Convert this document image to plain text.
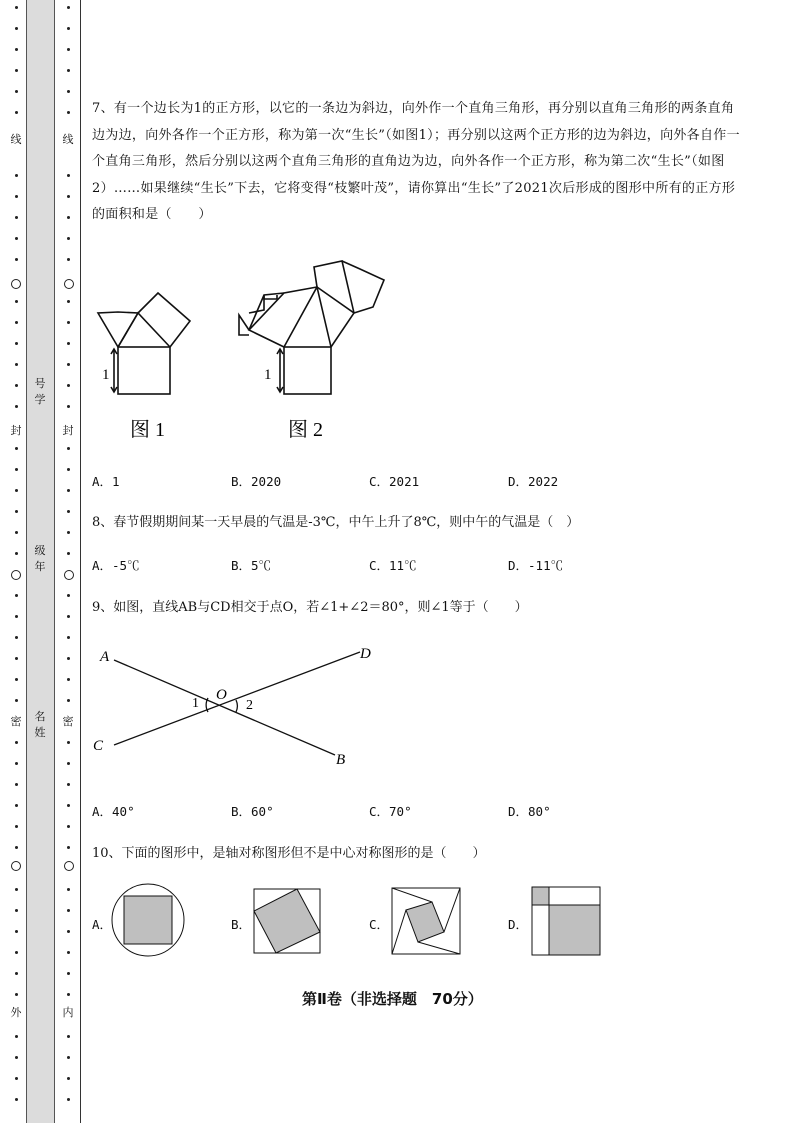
线
封
密
外
线
封
密
内
号
学
级
年
名
姓
7、有一个边长为1的正方形，以它的一条边为斜边，向外作一个直角三角形，再分别以直角三角形的两条直角边为边，向外各作一个正方形，称为第一次“生长”（如图1）；再分别以这两个正方形的边为斜边，向外各自作一个直角三角形，然后分别以这两个直角三角形的直角边为边，向外各作一个正方形，称为第二次“生长”（如图2）……如果继续“生长”下去，它将变得“枝繁叶茂”，请你算出“生长”了2021次后形成的图形中所有的正方形的面积和是（　　）
1	1
图 1	图 2
A．1	B．2020	C．2021	D．2022
8、春节假期期间某一天早晨的气温是-3℃，中午上升了8℃，则中午的气温是（　）
A．-5℃	B．5℃	C．11℃	D．-11℃
9、如图，直线AB与CD相交于点O，若∠1+∠2＝80°，则∠1等于（　　）
A	D
C
B
O
1	2
A．40°	B．60°	C．70°	D．80°
10、下面的图形中，是轴对称图形但不是中心对称图形的是（　　）
A．	B．	C．	D．
第Ⅱ卷（非选择题　70分）
